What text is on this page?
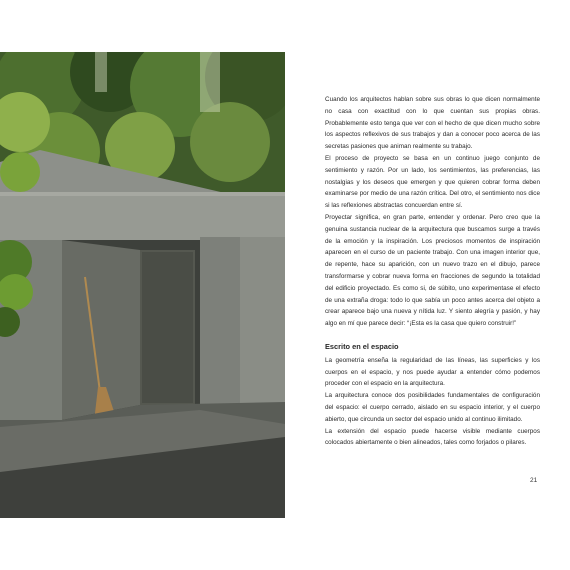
Cuando los arquitectos hablan sobre sus obras lo que dicen normalmente no casa con exactitud con lo que cuentan sus propias obras. Probablemente esto tenga que ver con el hecho de que dicen mucho sobre los aspectos reflexivos de sus trabajos y dan a conocer poco acerca de las secretas pasiones que animan realmente su trabajo.

El proceso de proyecto se basa en un continuo juego conjunto de sentimiento y razón. Por un lado, los sentimientos, las preferencias, las nostalgias y los deseos que emergen y que quieren cobrar forma deben examinarse por medio de una razón crítica. Del otro, el sentimiento nos dice si las reflexiones abstractas concuerdan entre sí.

Proyectar significa, en gran parte, entender y ordenar. Pero creo que la genuina sustancia nuclear de la arquitectura que buscamos surge a través de la emoción y la inspiración. Los preciosos momentos de inspiración aparecen en el curso de un paciente trabajo. Con una imagen interior que, de repente, hace su aparición, con un nuevo trazo en el dibujo, parece transformarse y cobrar nueva forma en fracciones de segundo la totalidad del edificio proyectado. Es como si, de súbito, uno experimentase el efecto de una extraña droga: todo lo que sabía un poco antes acerca del objeto a crear aparece bajo una nueva y nítida luz. Y siento alegría y pasión, y hay algo en mí que parece decir: “¡Esta es la casa que quiero construir!”

Escrito en el espacio

La geometría enseña la regularidad de las líneas, las superficies y los cuerpos en el espacio, y nos puede ayudar a entender cómo podemos proceder con el espacio en la arquitectura.

La arquitectura conoce dos posibilidades fundamentales de configuración del espacio: el cuerpo cerrado, aislado en su espacio interior, y el cuerpo abierto, que circunda un sector del espacio unido al continuo ilimitado.

La extensión del espacio puede hacerse visible mediante cuerpos colocados abiertamente o bien alineados, tales como forjados o pilares.

21
